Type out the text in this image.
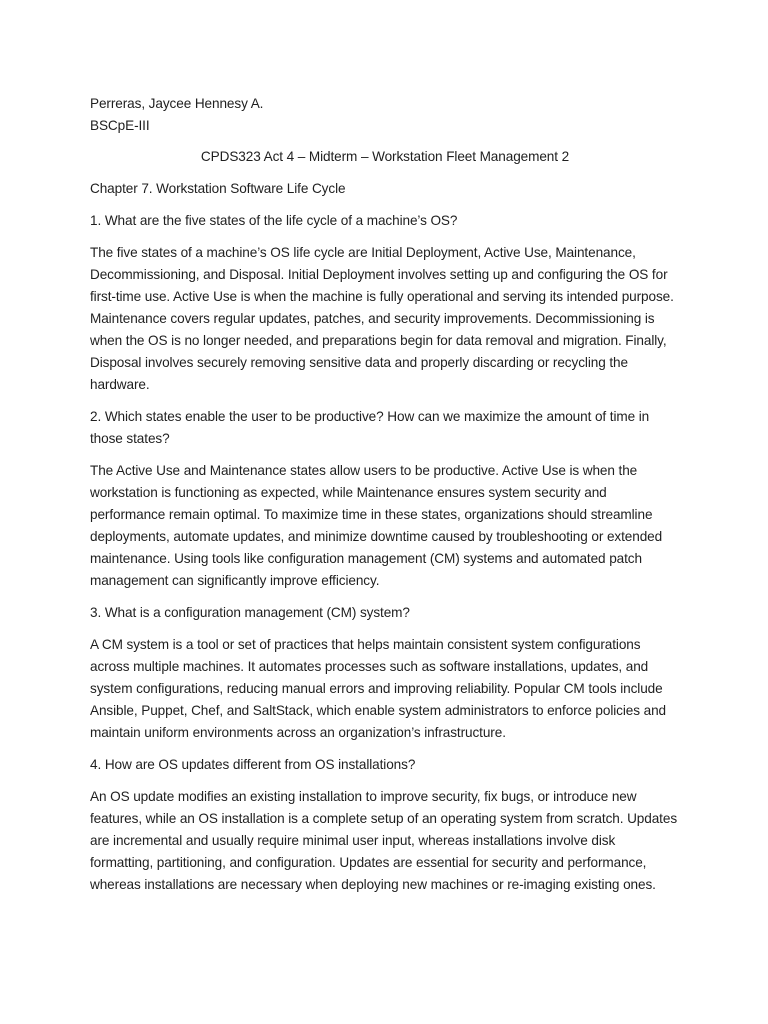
Perreras, Jaycee Hennesy A.

BSCpE-III

CPDS323 Act 4 – Midterm – Workstation Fleet Management 2

Chapter 7. Workstation Software Life Cycle

1. What are the five states of the life cycle of a machine’s OS?

The five states of a machine’s OS life cycle are Initial Deployment, Active Use, Maintenance, Decommissioning, and Disposal. Initial Deployment involves setting up and configuring the OS for first-time use. Active Use is when the machine is fully operational and serving its intended purpose. Maintenance covers regular updates, patches, and security improvements. Decommissioning is when the OS is no longer needed, and preparations begin for data removal and migration. Finally, Disposal involves securely removing sensitive data and properly discarding or recycling the hardware.

2. Which states enable the user to be productive? How can we maximize the amount of time in those states?

The Active Use and Maintenance states allow users to be productive. Active Use is when the workstation is functioning as expected, while Maintenance ensures system security and performance remain optimal. To maximize time in these states, organizations should streamline deployments, automate updates, and minimize downtime caused by troubleshooting or extended maintenance. Using tools like configuration management (CM) systems and automated patch management can significantly improve efficiency.

3. What is a configuration management (CM) system?

A CM system is a tool or set of practices that helps maintain consistent system configurations across multiple machines. It automates processes such as software installations, updates, and system configurations, reducing manual errors and improving reliability. Popular CM tools include Ansible, Puppet, Chef, and SaltStack, which enable system administrators to enforce policies and maintain uniform environments across an organization’s infrastructure.

4. How are OS updates different from OS installations?

An OS update modifies an existing installation to improve security, fix bugs, or introduce new features, while an OS installation is a complete setup of an operating system from scratch. Updates are incremental and usually require minimal user input, whereas installations involve disk formatting, partitioning, and configuration. Updates are essential for security and performance, whereas installations are necessary when deploying new machines or re-imaging existing ones.
